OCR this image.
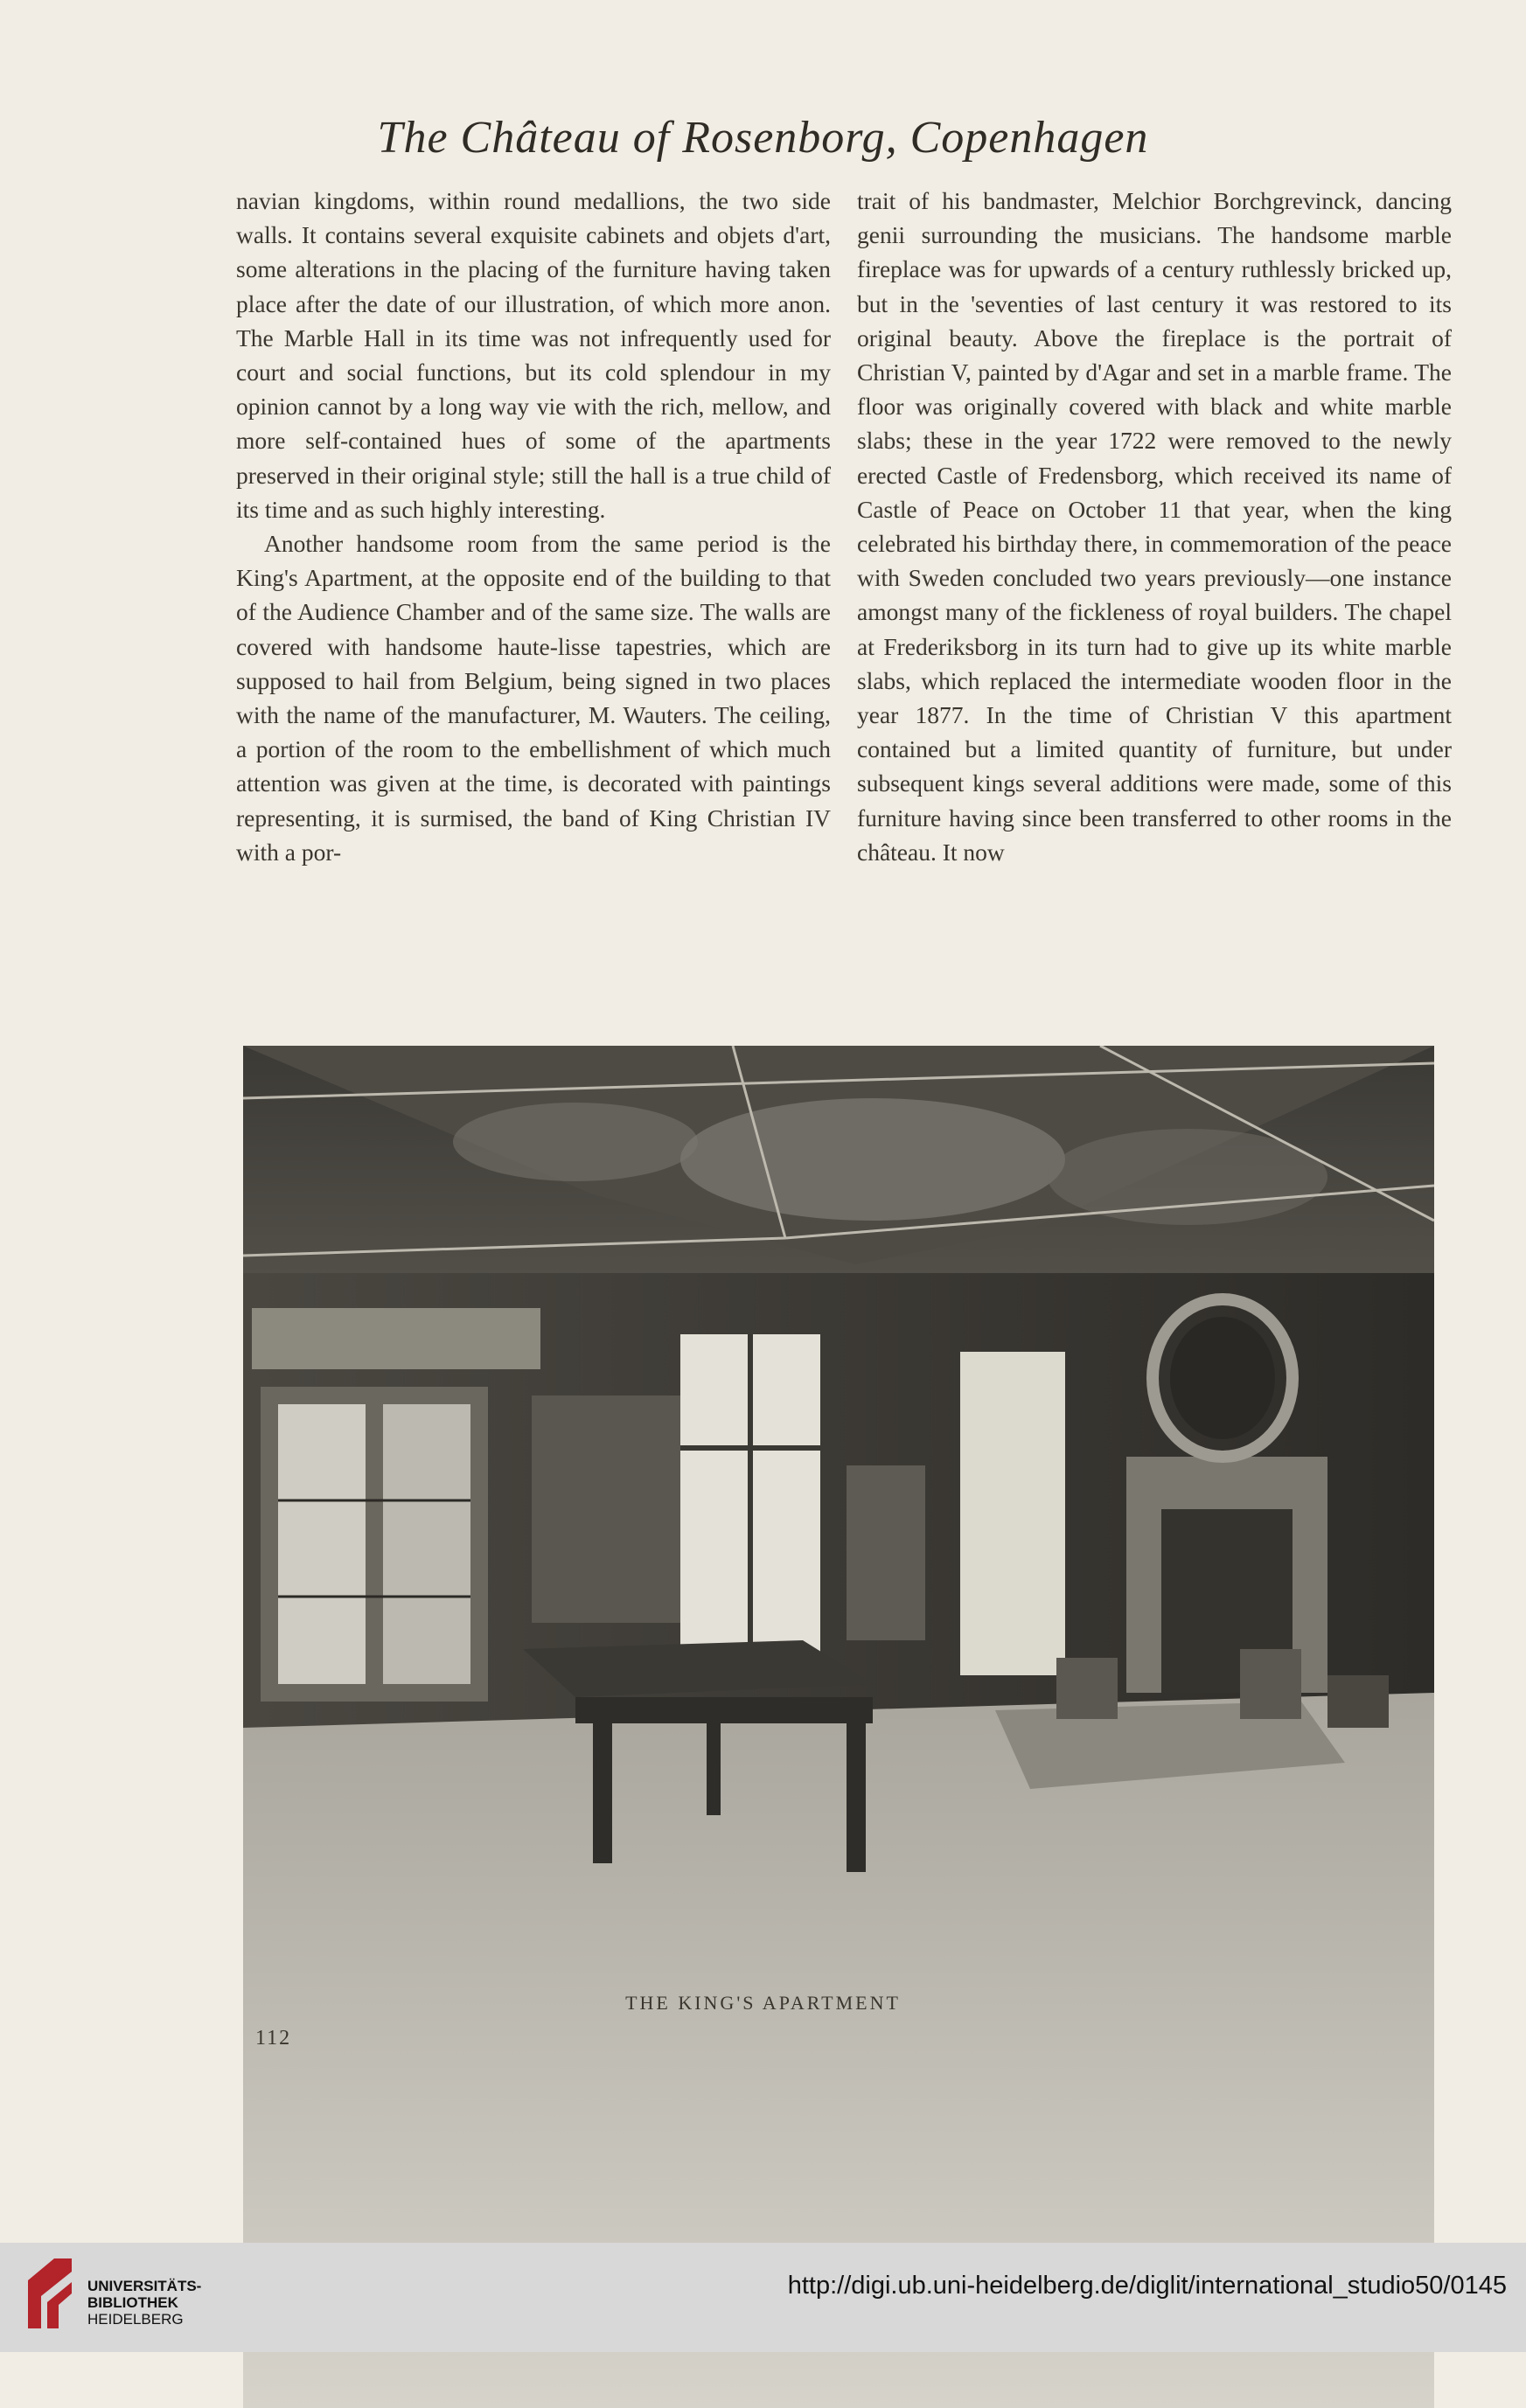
The Château of Rosenborg, Copenhagen

navian kingdoms, within round medallions, the two side walls. It contains several exquisite cabinets and objets d'art, some alterations in the placing of the furniture having taken place after the date of our illustration, of which more anon. The Marble Hall in its time was not infrequently used for court and social functions, but its cold splendour in my opinion cannot by a long way vie with the rich, mellow, and more self-contained hues of some of the apartments preserved in their original style; still the hall is a true child of its time and as such highly interesting.

Another handsome room from the same period is the King's Apartment, at the opposite end of the building to that of the Audience Chamber and of the same size. The walls are covered with handsome haute-lisse tapestries, which are supposed to hail from Belgium, being signed in two places with the name of the manufacturer, M. Wauters. The ceiling, a portion of the room to the embellishment of which much attention was given at the time, is decorated with paintings representing, it is surmised, the band of King Christian IV with a por-

trait of his bandmaster, Melchior Borchgrevinck, dancing genii surrounding the musicians. The handsome marble fireplace was for upwards of a century ruthlessly bricked up, but in the 'seventies of last century it was restored to its original beauty. Above the fireplace is the portrait of Christian V, painted by d'Agar and set in a marble frame. The floor was originally covered with black and white marble slabs; these in the year 1722 were removed to the newly erected Castle of Fredensborg, which received its name of Castle of Peace on October 11 that year, when the king celebrated his birthday there, in commemoration of the peace with Sweden concluded two years previously—one instance amongst many of the fickleness of royal builders. The chapel at Frederiksborg in its turn had to give up its white marble slabs, which replaced the intermediate wooden floor in the year 1877. In the time of Christian V this apartment contained but a limited quantity of furniture, but under subsequent kings several additions were made, some of this furniture having since been transferred to other rooms in the château. It now

THE KING'S APARTMENT
112
UNIVERSITÄTS-
BIBLIOTHEK
HEIDELBERG
http://digi.ub.uni-heidelberg.de/diglit/international_studio50/0145
